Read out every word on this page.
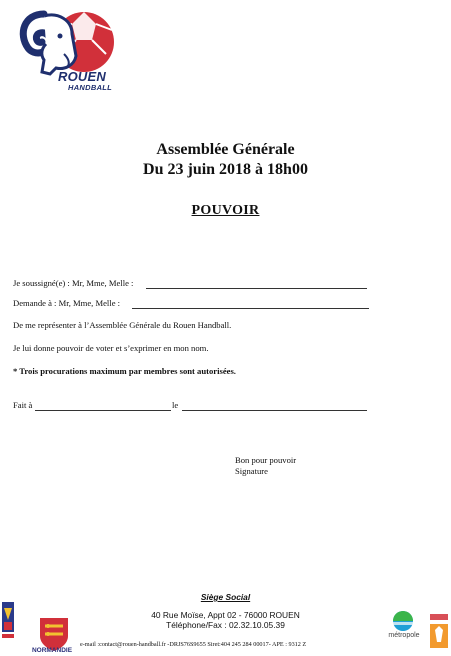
ROUEN
HANDBALL
Assemblée Générale
Du 23 juin 2018 à 18h00
POUVOIR
Je soussigné(e) : Mr, Mme, Melle :
Demande à : Mr, Mme, Melle :
De me représenter à l’Assemblée Générale du Rouen Handball.
Je lui donne pouvoir de voter et s’exprimer en mon nom.
* Trois procurations maximum par membres sont autorisées.
Fait à	le
Bon pour pouvoir
Signature
Siège Social
40 Rue Moïse, Appt 02 - 76000 ROUEN
Téléphone/Fax : 02.32.10.05.39
e-mail :contact@rouen-handball.fr -DRJS76S9655 Siret:404 245 284 00017- APE : 9312 Z
NORMANDIE
métropole
